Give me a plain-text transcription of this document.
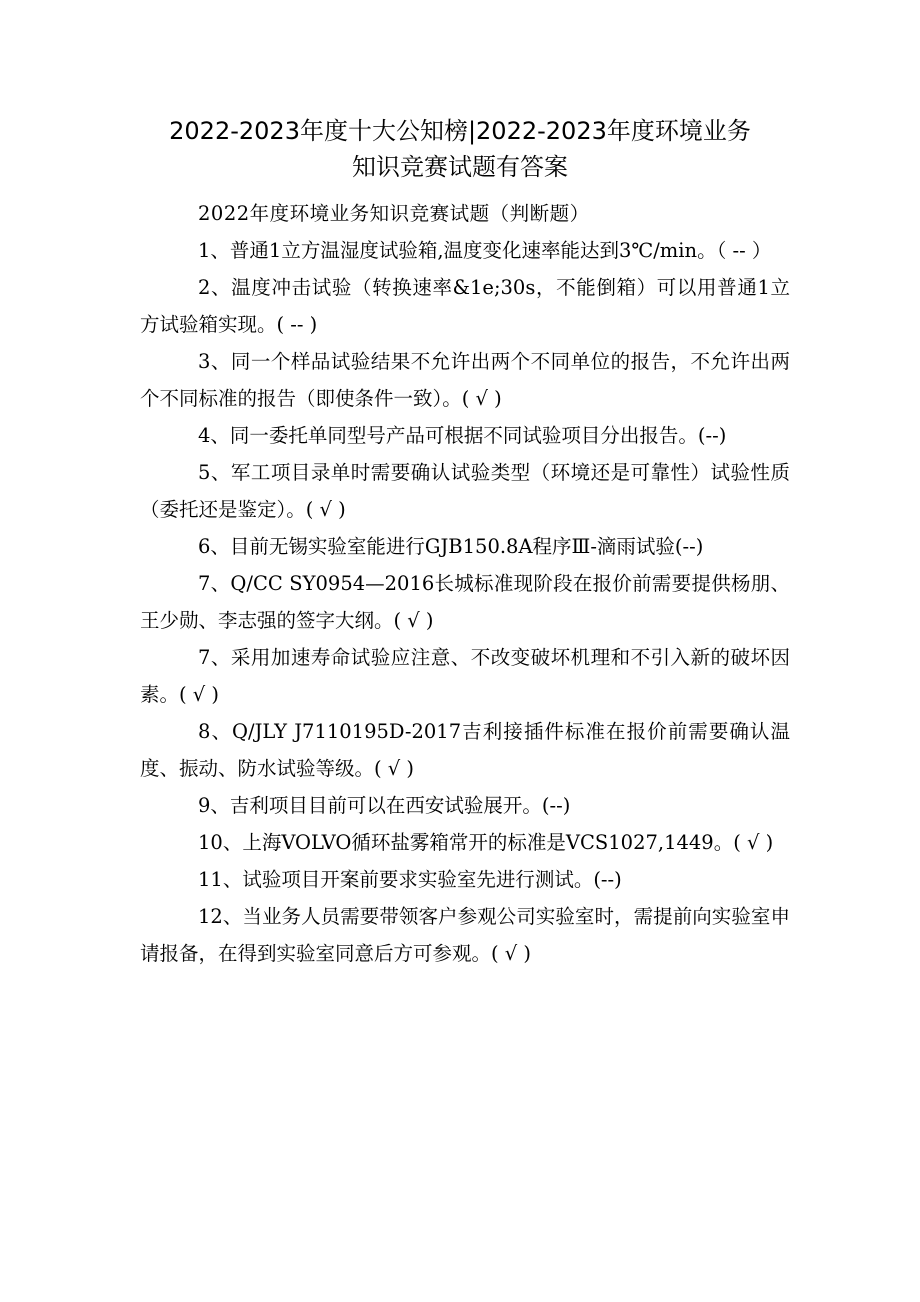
2022-2023年度十大公知榜|2022-2023年度环境业务
知识竞赛试题有答案

2022年度环境业务知识竞赛试题（判断题）

1、普通1立方温湿度试验箱,温度变化速率能达到3℃/min。（ -- ）

2、温度冲击试验（转换速率&1e;30s，不能倒箱）可以用普通1立方试验箱实现。( -- )

3、同一个样品试验结果不允许出两个不同单位的报告，不允许出两个不同标准的报告（即使条件一致）。( √ )

4、同一委托单同型号产品可根据不同试验项目分出报告。(--)

5、军工项目录单时需要确认试验类型（环境还是可靠性）试验性质（委托还是鉴定）。( √ )

6、目前无锡实验室能进行GJB150.8A程序Ⅲ-滴雨试验(--)

7、Q/CC SY0954—2016长城标准现阶段在报价前需要提供杨朋、王少勋、李志强的签字大纲。( √ )

7、采用加速寿命试验应注意、不改变破坏机理和不引入新的破坏因素。( √ )

8、Q/JLY J7110195D-2017吉利接插件标准在报价前需要确认温度、振动、防水试验等级。( √ )

9、吉利项目目前可以在西安试验展开。(--)

10、上海VOLVO循环盐雾箱常开的标准是VCS1027,1449。( √ )

11、试验项目开案前要求实验室先进行测试。(--)

12、当业务人员需要带领客户参观公司实验室时，需提前向实验室申请报备，在得到实验室同意后方可参观。( √ )
